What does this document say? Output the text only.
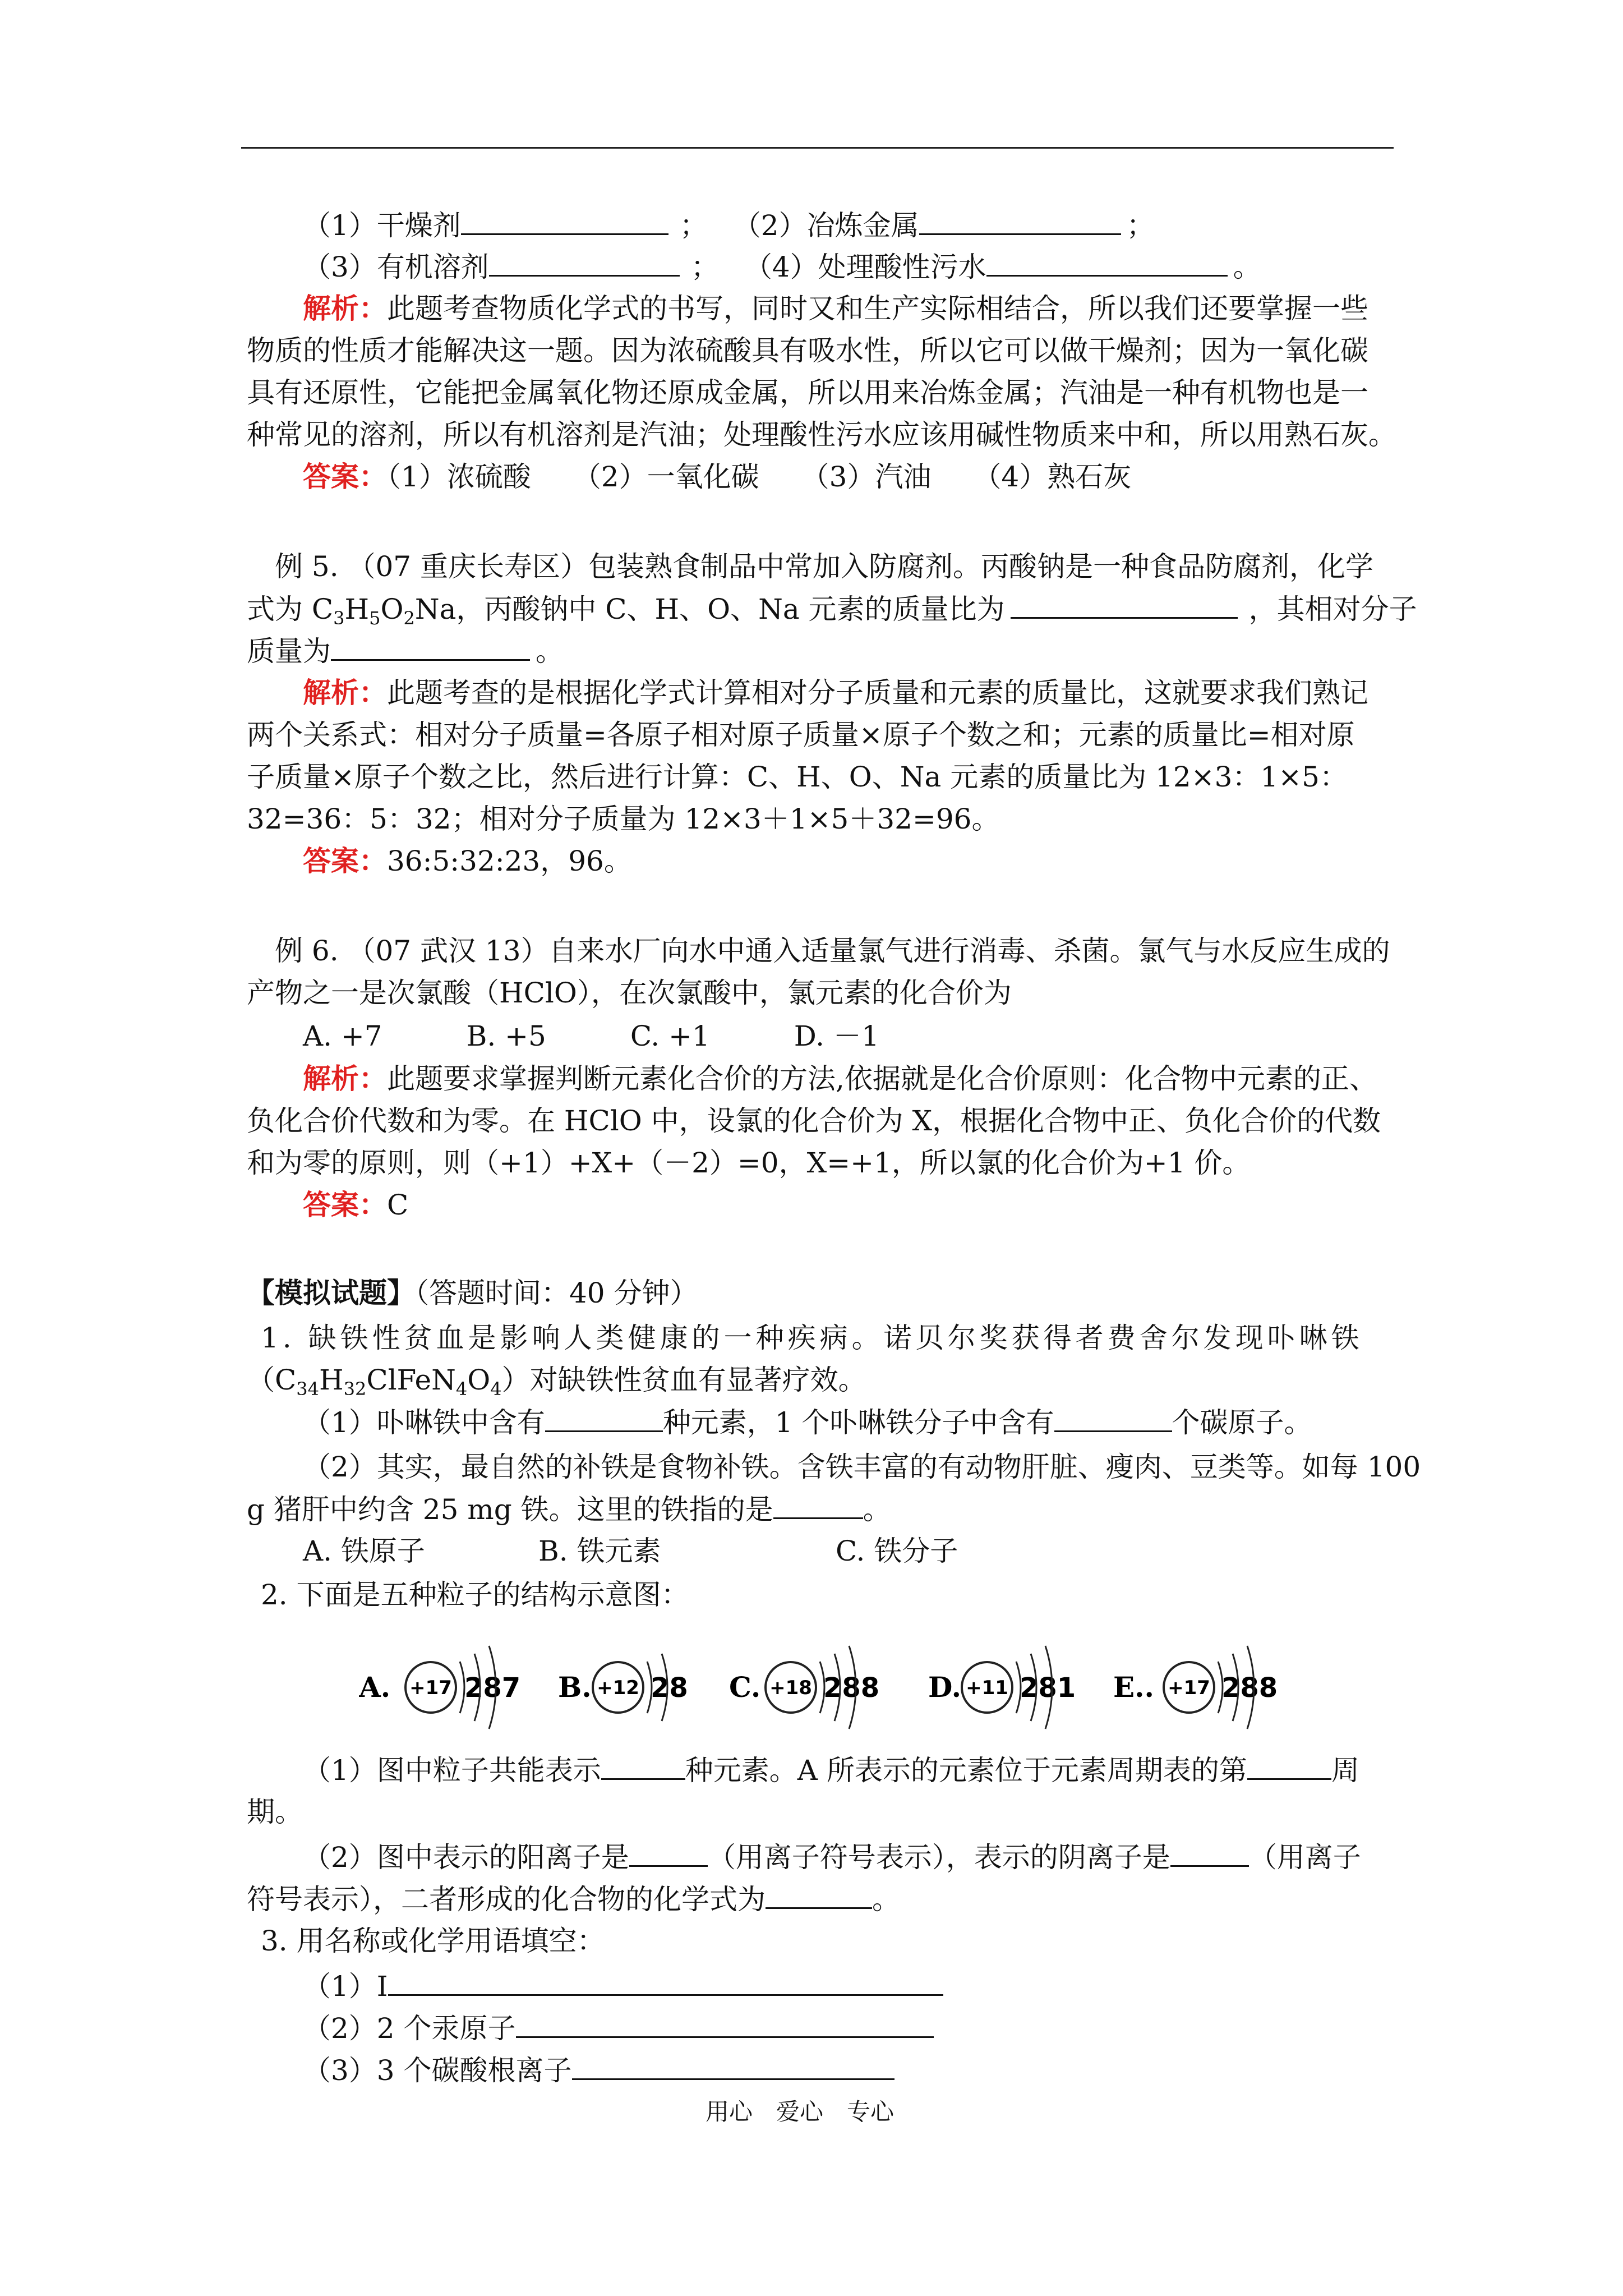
（1）干燥剂	； （2）冶炼金属	；
（3）有机溶剂	； （4）处理酸性污水	。
解析：此题考查物质化学式的书写，同时又和生产实际相结合，所以我们还要掌握一些
物质的性质才能解决这一题。因为浓硫酸具有吸水性，所以它可以做干燥剂；因为一氧化碳
具有还原性，它能把金属氧化物还原成金属，所以用来冶炼金属；汽油是一种有机物也是一
种常见的溶剂，所以有机溶剂是汽油；处理酸性污水应该用碱性物质来中和，所以用熟石灰。
答案：（1）浓硫酸　　（2）一氧化碳　　（3）汽油　　（4）熟石灰
例 5. （07 重庆长寿区）包装熟食制品中常加入防腐剂。丙酸钠是一种食品防腐剂，化学
式为 $C_3H_5O_2Na$，丙酸钠中 C、H、O、Na 元素的质量比为	，其相对分子
质量为	。
解析：此题考查的是根据化学式计算相对分子质量和元素的质量比，这就要求我们熟记
两个关系式：相对分子质量=各原子相对原子质量×原子个数之和；元素的质量比=相对原
子质量×原子个数之比，然后进行计算：C、H、O、Na 元素的质量比为 12×3：1×5：
32=36：5：32；相对分子质量为 12×3＋1×5＋32=96。
答案：36:5:32:23，96。
例 6. （07 武汉 13）自来水厂向水中通入适量氯气进行消毒、杀菌。氯气与水反应生成的
产物之一是次氯酸（HClO），在次氯酸中，氯元素的化合价为
A. +7　　　B. +5　　　C. +1　　　D. －1
解析：此题要求掌握判断元素化合价的方法,依据就是化合价原则：化合物中元素的正、
负化合价代数和为零。在 HClO 中，设氯的化合价为 X，根据化合物中正、负化合价的代数
和为零的原则，则（+1）+X+（－2）=0，X=+1，所以氯的化合价为+1 价。
答案：C
【模拟试题】（答题时间：40 分钟）
1. 缺铁性贫血是影响人类健康的一种疾病。诺贝尔奖获得者费舍尔发现卟啉铁
$(C_{34}H_{32}ClFeN_4O_4)$对缺铁性贫血有显著疗效。
（1）卟啉铁中含有	种元素，1 个卟啉铁分子中含有	个碳原子。
（2）其实，最自然的补铁是食物补铁。含铁丰富的有动物肝脏、瘦肉、豆类等。如每 100
g 猪肝中约含 25 mg 铁。这里的铁指的是	。
A. 铁原子	B. 铁元素	C. 铁分子
2. 下面是五种粒子的结构示意图：
A. +17 287 B. +12 28 C. +18 288 D. +11 281 E.. +17 288
（1）图中粒子共能表示	种元素。A 所表示的元素位于元素周期表的第	周
期。
（2）图中表示的阳离子是	（用离子符号表示），表示的阴离子是	（用离子
符号表示），二者形成的化合物的化学式为	。
3. 用名称或化学用语填空：
（1）I
（2）2 个汞原子
（3）3 个碳酸根离子
用心　爱心　专心
